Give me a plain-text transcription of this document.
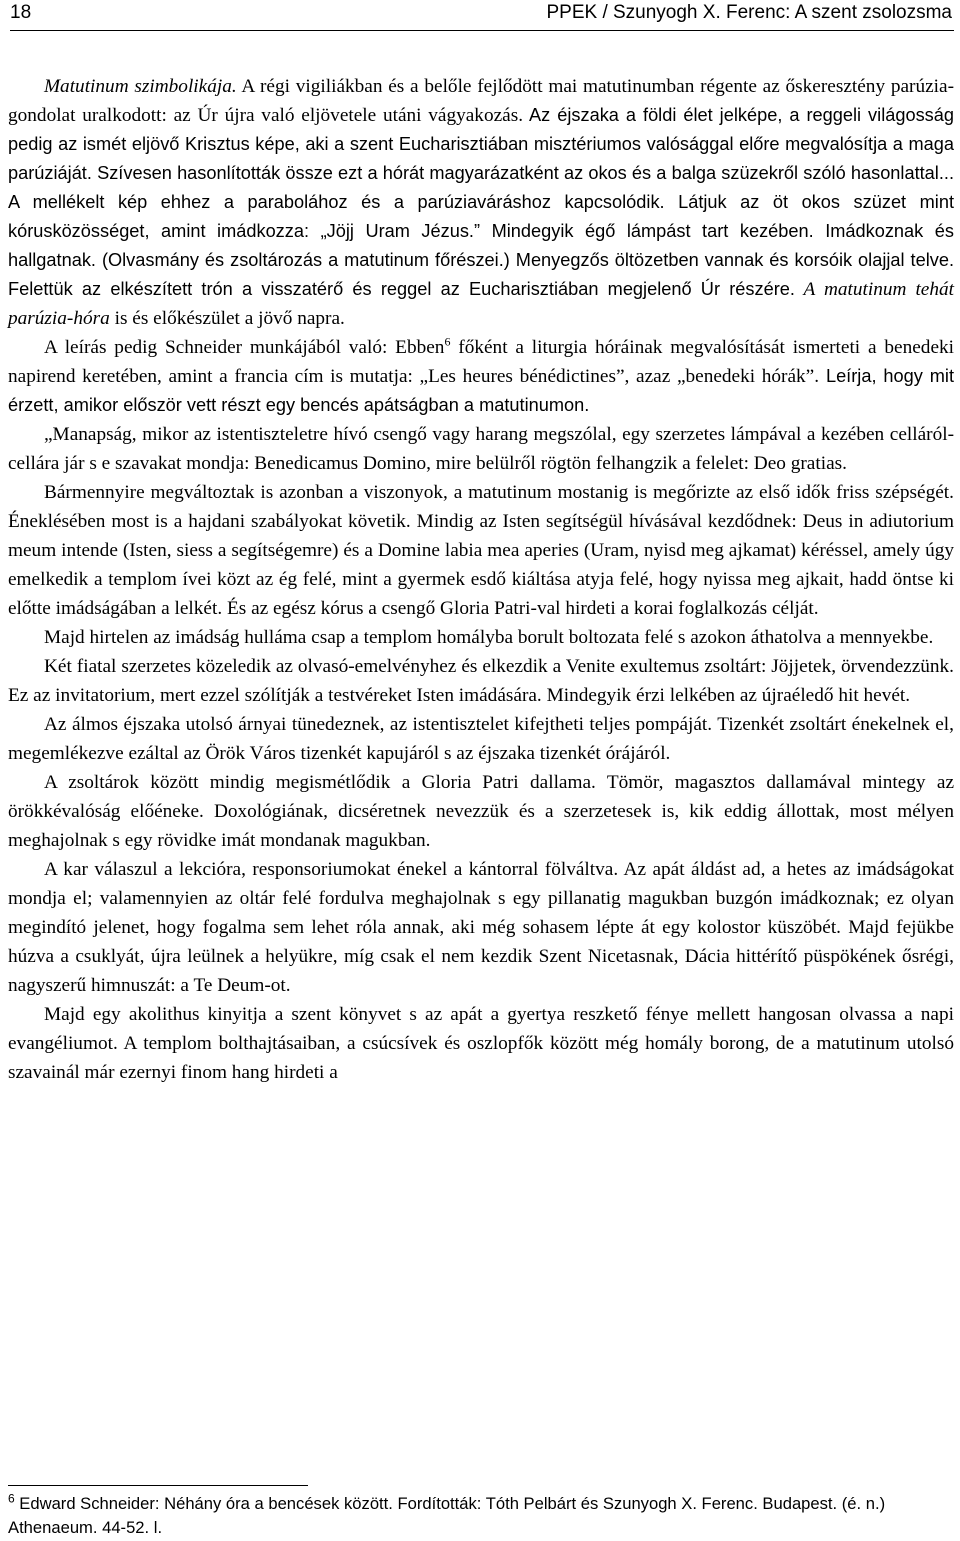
18	PPEK / Szunyogh X. Ferenc: A szent zsolozsma

Matutinum szimbolikája. A régi vigiliákban és a belőle fejlődött mai matutinumban régente az őskeresztény parúzia-gondolat uralkodott: az Úr újra való eljövetele utáni vágyakozás. Az éjszaka a földi élet jelképe, a reggeli világosság pedig az ismét eljövő Krisztus képe, aki a szent Eucharisztiában misztériumos valósággal előre megvalósítja a maga parúziáját. Szívesen hasonlították össze ezt a hórát magyarázatként az okos és a balga szüzekről szóló hasonlattal... A mellékelt kép ehhez a parabolához és a parúziaváráshoz kapcsolódik. Látjuk az öt okos szüzet mint kórusközösséget, amint imádkozza: „Jöjj Uram Jézus.” Mindegyik égő lámpást tart kezében. Imádkoznak és hallgatnak. (Olvasmány és zsoltározás a matutinum főrészei.) Menyegzős öltözetben vannak és korsóik olajjal telve. Felettük az elkészített trón a visszatérő és reggel az Eucharisztiában megjelenő Úr részére. A matutinum tehát parúzia-hóra is és előkészület a jövő napra.

A leírás pedig Schneider munkájából való: Ebben$^6$ főként a liturgia hóráinak megvalósítását ismerteti a benedeki napirend keretében, amint a francia cím is mutatja: „Les heures bénédictines”, azaz „benedeki hórák”. Leírja, hogy mit érzett, amikor először vett részt egy bencés apátságban a matutinumon.

„Manapság, mikor az istentiszteletre hívó csengő vagy harang megszólal, egy szerzetes lámpával a kezében celláról-cellára jár s e szavakat mondja: Benedicamus Domino, mire belülről rögtön felhangzik a felelet: Deo gratias.

Bármennyire megváltoztak is azonban a viszonyok, a matutinum mostanig is megőrizte az első idők friss szépségét. Éneklésében most is a hajdani szabályokat követik. Mindig az Isten segítségül hívásával kezdődnek: Deus in adiutorium meum intende (Isten, siess a segítségemre) és a Domine labia mea aperies (Uram, nyisd meg ajkamat) kéréssel, amely úgy emelkedik a templom ívei közt az ég felé, mint a gyermek esdő kiáltása atyja felé, hogy nyissa meg ajkait, hadd öntse ki előtte imádságában a lelkét. És az egész kórus a csengő Gloria Patri-val hirdeti a korai foglalkozás célját.

Majd hirtelen az imádság hulláma csap a templom homályba borult boltozata felé s azokon áthatolva a mennyekbe.

Két fiatal szerzetes közeledik az olvasó-emelvényhez és elkezdik a Venite exultemus zsoltárt: Jöjjetek, örvendezzünk. Ez az invitatorium, mert ezzel szólítják a testvéreket Isten imádására. Mindegyik érzi lelkében az újraéledő hit hevét.

Az álmos éjszaka utolsó árnyai tünedeznek, az istentisztelet kifejtheti teljes pompáját. Tizenkét zsoltárt énekelnek el, megemlékezve ezáltal az Örök Város tizenkét kapujáról s az éjszaka tizenkét órájáról.

A zsoltárok között mindig megismétlődik a Gloria Patri dallama. Tömör, magasztos dallamával mintegy az örökkévalóság előéneke. Doxológiának, dicséretnek nevezzük és a szerzetesek is, kik eddig állottak, most mélyen meghajolnak s egy rövidke imát mondanak magukban.

A kar válaszul a lekcióra, responsoriumokat énekel a kántorral fölváltva. Az apát áldást ad, a hetes az imádságokat mondja el; valamennyien az oltár felé fordulva meghajolnak s egy pillanatig magukban buzgón imádkoznak; ez olyan megindító jelenet, hogy fogalma sem lehet róla annak, aki még sohasem lépte át egy kolostor küszöbét. Majd fejükbe húzva a csuklyát, újra leülnek a helyükre, míg csak el nem kezdik Szent Nicetasnak, Dácia hittérítő püspökének ősrégi, nagyszerű himnuszát: a Te Deum-ot.

Majd egy akolithus kinyitja a szent könyvet s az apát a gyertya reszkető fénye mellett hangosan olvassa a napi evangéliumot. A templom bolthajtásaiban, a csúcsívek és oszlopfők között még homály borong, de a matutinum utolsó szavainál már ezernyi finom hang hirdeti a

$^6$ Edward Schneider: Néhány óra a bencések között. Fordították: Tóth Pelbárt és Szunyogh X. Ferenc. Budapest. (é. n.) Athenaeum. 44-52. l.
